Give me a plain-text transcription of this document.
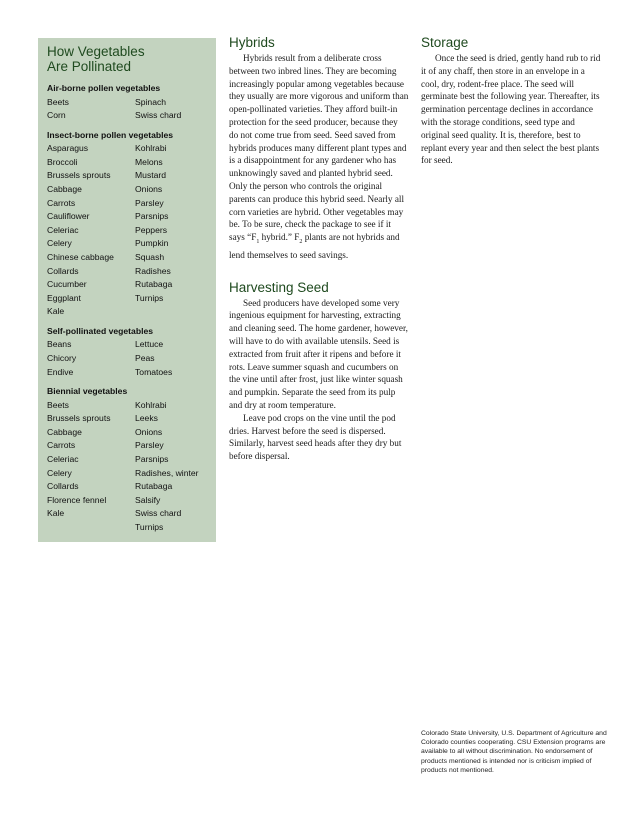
How Vegetables
Are Pollinated
Air-borne pollen vegetables
Beets	Spinach
Corn	Swiss chard
Insect-borne pollen vegetables
Asparagus	Kohlrabi
Broccoli	Melons
Brussels sprouts	Mustard
Cabbage	Onions
Carrots	Parsley
Cauliflower	Parsnips
Celeriac	Peppers
Celery	Pumpkin
Chinese cabbage	Squash
Collards	Radishes
Cucumber	Rutabaga
Eggplant	Turnips
Kale
Self-pollinated vegetables
Beans	Lettuce
Chicory	Peas
Endive	Tomatoes
Biennial vegetables
Beets	Kohlrabi
Brussels sprouts	Leeks
Cabbage	Onions
Carrots	Parsley
Celeriac	Parsnips
Celery	Radishes, winter
Collards	Rutabaga
Florence fennel	Salsify
Kale	Swiss chard
Turnips
Hybrids

Hybrids result from a deliberate cross between two inbred lines. They are becoming increasingly popular among vegetables because they usually are more vigorous and uniform than open-pollinated varieties. They afford built-in protection for the seed producer, because they do not come true from seed. Seed saved from hybrids produces many different plant types and is a disappointment for any gardener who has unknowingly saved and planted hybrid seed. Only the person who controls the original parents can produce this hybrid seed. Nearly all corn varieties are hybrid. Other vegetables may be. To be sure, check the package to see if it says “$F_1$ hybrid.” $F_2$ plants are not hybrids and lend themselves to seed savings.

Harvesting Seed

Seed producers have developed some very ingenious equipment for harvesting, extracting and cleaning seed. The home gardener, however, will have to do with available utensils. Seed is extracted from fruit after it ripens and before it rots. Leave summer squash and cucumbers on the vine until after frost, just like winter squash and pumpkin. Separate the seed from its pulp and dry at room temperature.

Leave pod crops on the vine until the pod dries. Harvest before the seed is dispersed. Similarly, harvest seed heads after they dry but before dispersal.

Storage

Once the seed is dried, gently hand rub to rid it of any chaff, then store in an envelope in a cool, dry, rodent-free place. The seed will germinate best the following year. Thereafter, its germination percentage declines in accordance with the storage conditions, seed type and original seed quality. It is, therefore, best to replant every year and then select the best plants for seed.

Colorado State University, U.S. Department of Agriculture and Colorado counties cooperating. CSU Extension programs are available to all without discrimination. No endorsement of products mentioned is intended nor is criticism implied of products not mentioned.
